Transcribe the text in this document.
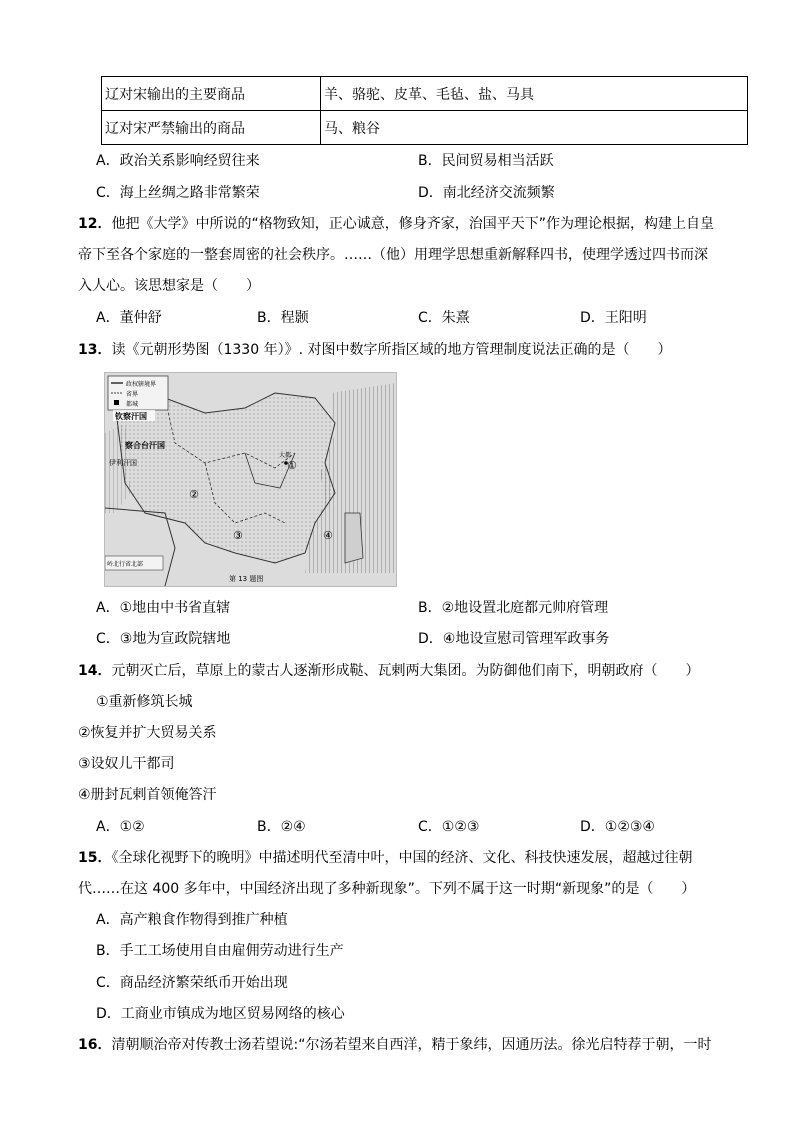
辽对宋输出的主要商品	羊、骆驼、皮革、毛毡、盐、马具
辽对宋严禁输出的商品	马、粮谷
A．政治关系影响经贸往来	B．民间贸易相当活跃
C．海上丝绸之路非常繁荣	D．南北经济交流频繁
12．他把《大学》中所说的“格物致知，正心诚意，修身齐家，治国平天下”作为理论根据，构建上自皇
帝下至各个家庭的一整套周密的社会秩序。……（他）用理学思想重新解释四书，使理学透过四书而深
入人心。该思想家是（　　）
A．董仲舒	B．程颢	C．朱熹	D．王阳明
13．读《元朝形势图（1330 年）》. 对图中数字所指区域的地方管理制度说法正确的是（　　）
政权辖境界
省界
都城
钦察汗国
察合台汗国
伊利汗国
大都
①
②
③	④
岭北行省北部
第 13 题图
A．①地由中书省直辖	B．②地设置北庭都元帅府管理
C．③地为宣政院辖地	D．④地设宣慰司管理军政事务
14．元朝灭亡后，草原上的蒙古人逐渐形成鞑、瓦剌两大集团。为防御他们南下，明朝政府（　　）
①重新修筑长城
②恢复并扩大贸易关系
③设奴儿干都司
④册封瓦剌首领俺答汗
A．①②	B．②④	C．①②③	D．①②③④
15．《全球化视野下的晚明》中描述明代至清中叶，中国的经济、文化、科技快速发展，超越过往朝
代……在这 400 多年中，中国经济出现了多种新现象”。下列不属于这一时期“新现象”的是（　　）
A．高产粮食作物得到推广种植
B．手工工场使用自由雇佣劳动进行生产
C．商品经济繁荣纸币开始出现
D．工商业市镇成为地区贸易网络的核心
16．清朝顺治帝对传教士汤若望说:“尔汤若望来自西洋，精于象纬，因通历法。徐光启特荐于朝，一时
